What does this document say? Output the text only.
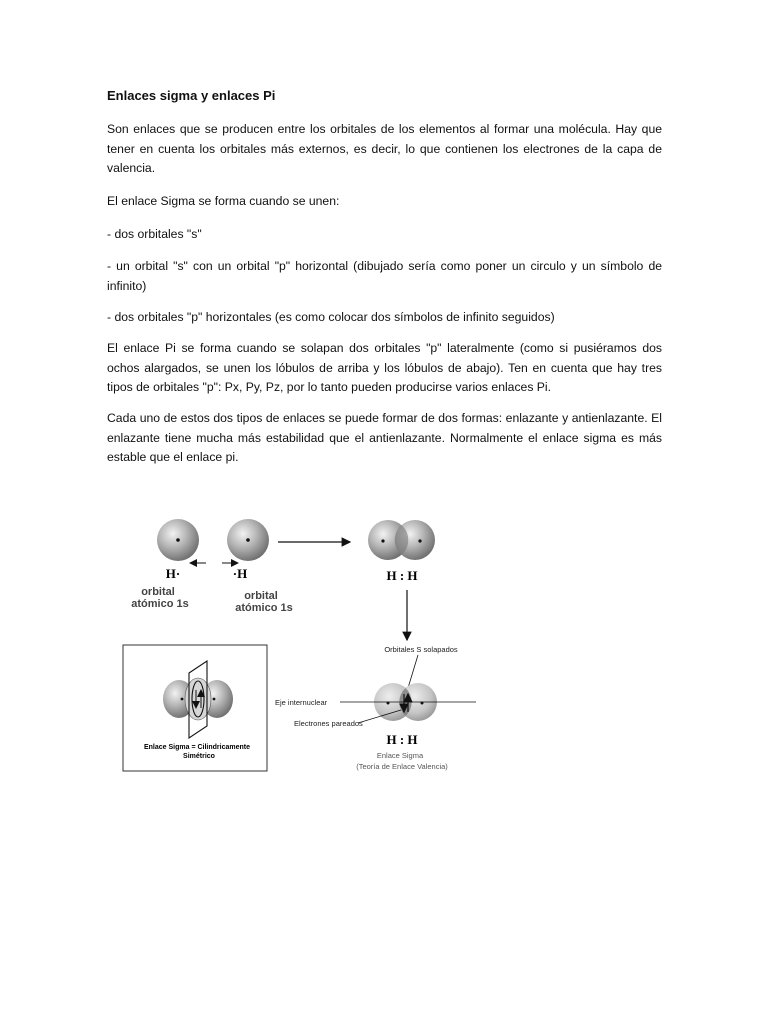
Enlaces sigma y enlaces Pi

Son enlaces que se producen entre los orbitales de los elementos al formar una molécula. Hay que tener en cuenta los orbitales más externos, es decir, lo que contienen los electrones de la capa de valencia.

El enlace Sigma se forma cuando se unen:

- dos orbitales "s"

- un orbital "s" con un orbital "p" horizontal (dibujado sería como poner un circulo y un símbolo de infinito)

- dos orbitales "p" horizontales (es como colocar dos símbolos de infinito seguidos)

El enlace Pi se forma cuando se solapan dos orbitales "p" lateralmente (como si pusiéramos dos ochos alargados, se unen los lóbulos de arriba y los lóbulos de abajo). Ten en cuenta que hay tres tipos de orbitales "p": Px, Py, Pz, por lo tanto pueden producirse varios enlaces Pi.

Cada uno de estos dos tipos de enlaces se puede formar de dos formas: enlazante y antienlazante. El enlazante tiene mucha más estabilidad que el antienlazante. Normalmente el enlace sigma es más estable que el enlace pi.

H·	·H
orbital
atómico 1s
orbital
atómico 1s
H : H
Orbitales S solapados
Eje internuclear
Electrones pareados
H : H
Enlace Sigma
(Teoría de Enlace Valencia)
Enlace Sigma = Cilindricamente
Simétrico
